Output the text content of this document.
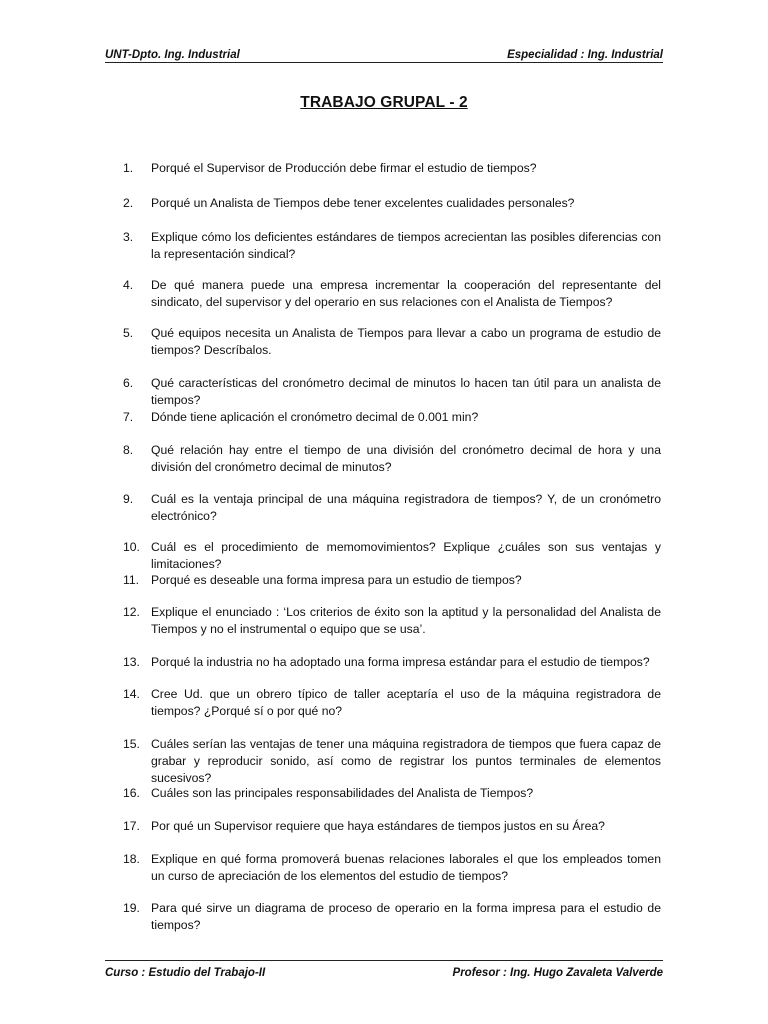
UNT-Dpto. Ing. Industrial	Especialidad : Ing. Industrial
TRABAJO GRUPAL - 2
1.	Porqué el Supervisor de Producción debe firmar el estudio de tiempos?
2.	Porqué un Analista de Tiempos debe tener excelentes cualidades personales?
3.	Explique cómo los deficientes estándares de tiempos acrecientan las posibles diferencias con la representación sindical?
4.	De qué manera puede una empresa incrementar la cooperación del representante del sindicato, del supervisor y del operario en sus relaciones con el Analista de Tiempos?
5.	Qué equipos necesita un Analista de Tiempos para llevar a cabo un programa de estudio de tiempos? Descríbalos.
6.	Qué características del cronómetro decimal de minutos lo hacen tan útil para un analista de tiempos?
7.	Dónde tiene aplicación el cronómetro decimal de 0.001 min?
8.	Qué relación hay entre el tiempo de una división del cronómetro decimal de hora y una división del cronómetro decimal de minutos?
9.	Cuál es la ventaja principal de una máquina registradora de tiempos? Y, de un cronómetro electrónico?
10. Cuál es el procedimiento de memomovimientos? Explique ¿cuáles son sus ventajas y limitaciones?
11. Porqué es deseable una forma impresa para un estudio de tiempos?
12. Explique el enunciado : ‘Los criterios de éxito son la aptitud y la personalidad del Analista de Tiempos y no el instrumental o equipo que se usa’.
13. Porqué la industria no ha adoptado una forma impresa estándar para el estudio de tiempos?
14. Cree Ud. que un obrero típico de taller aceptaría el uso de la máquina registradora de tiempos? ¿Porqué sí o por qué no?
15. Cuáles serían las ventajas de tener una máquina registradora de tiempos que fuera capaz de grabar y reproducir sonido, así como de registrar los puntos terminales de elementos sucesivos?
16. Cuáles son las principales responsabilidades del Analista de Tiempos?
17. Por qué un Supervisor requiere que haya estándares de tiempos justos en su Área?
18. Explique en qué forma promoverá buenas relaciones laborales el que los empleados tomen un curso de apreciación de los elementos del estudio de tiempos?
19. Para qué sirve un diagrama de proceso de operario en la forma impresa para el estudio de tiempos?
Curso : Estudio del Trabajo-II	Profesor : Ing. Hugo Zavaleta Valverde
